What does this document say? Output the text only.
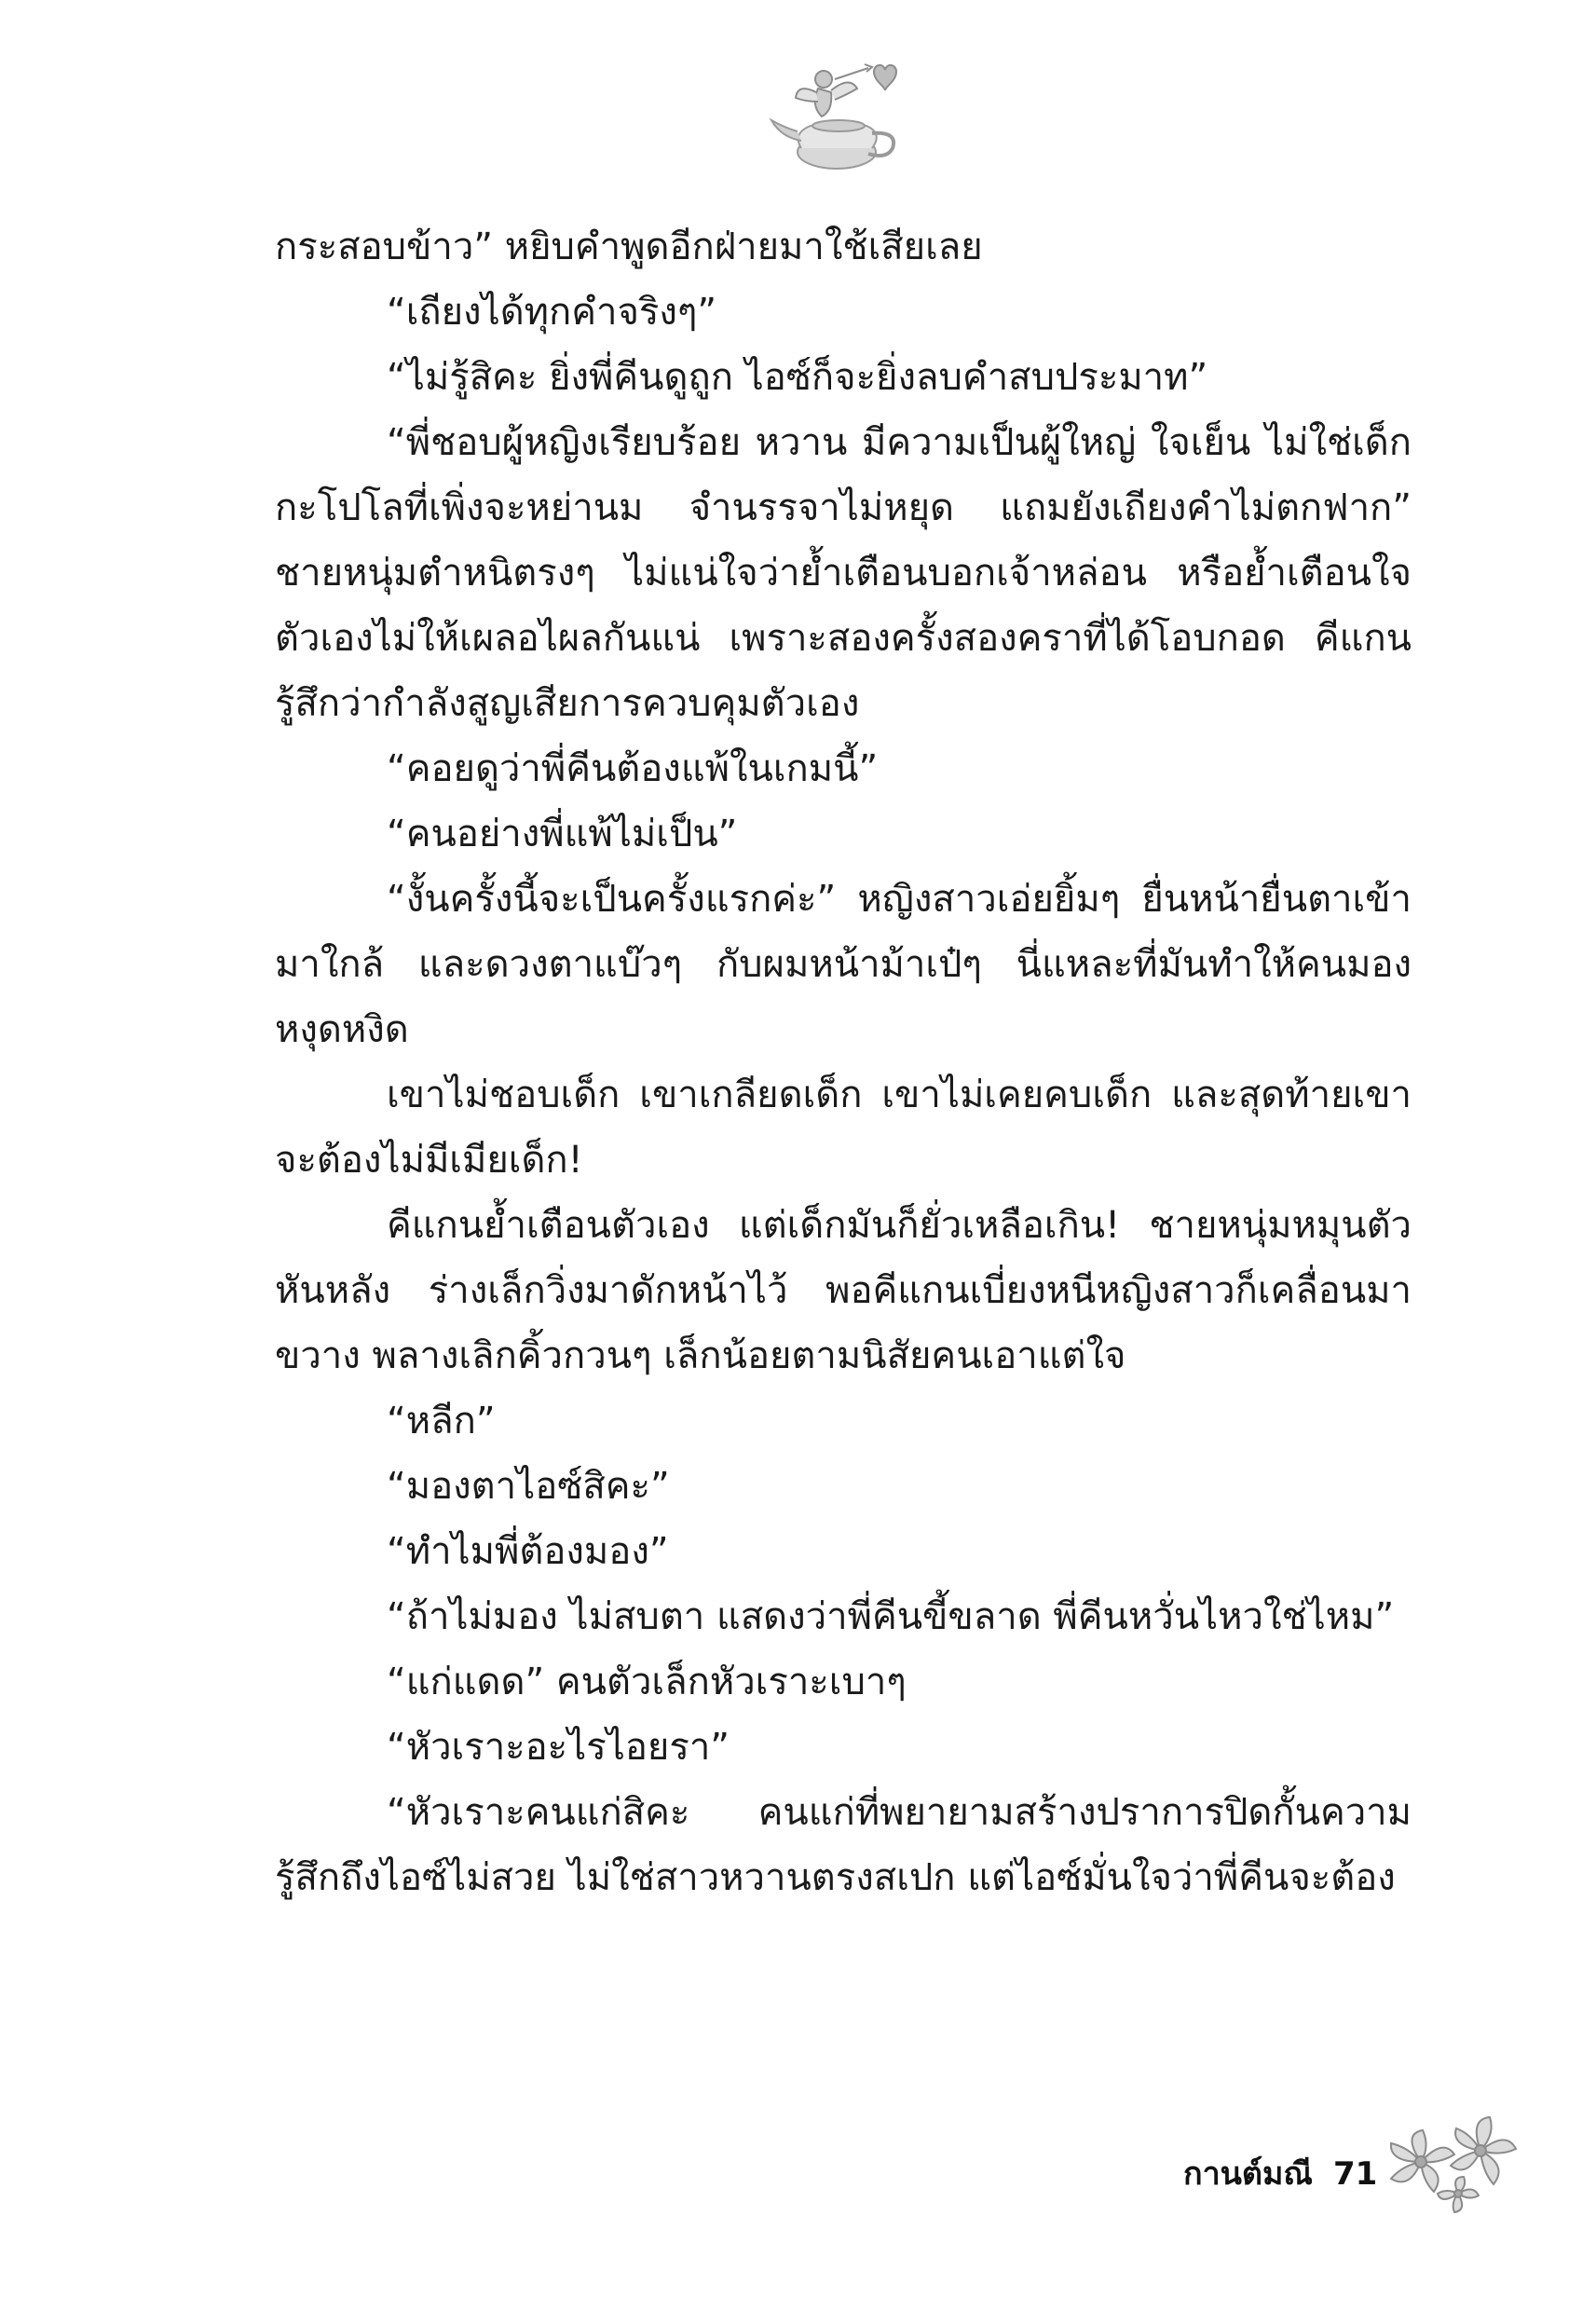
กระสอบข้าว” หยิบคำพูดอีกฝ่ายมาใช้เสียเลย

“เถียงได้ทุกคำจริงๆ”

“ไม่รู้สิคะ ยิ่งพี่คีนดูถูก ไอซ์ก็จะยิ่งลบคำสบประมาท”

“พี่ชอบผู้หญิงเรียบร้อย หวาน มีความเป็นผู้ใหญ่ ใจเย็น ไม่ใช่เด็กกะโปโลที่เพิ่งจะหย่านม จำนรรจาไม่หยุด แถมยังเถียงคำไม่ตกฟาก” ชายหนุ่มตำหนิตรงๆ ไม่แน่ใจว่าย้ำเตือนบอกเจ้าหล่อน หรือย้ำเตือนใจตัวเองไม่ให้เผลอไผลกันแน่ เพราะสองครั้งสองคราที่ได้โอบกอด คีแกนรู้สึกว่ากำลังสูญเสียการควบคุมตัวเอง

“คอยดูว่าพี่คีนต้องแพ้ในเกมนี้”

“คนอย่างพี่แพ้ไม่เป็น”

“งั้นครั้งนี้จะเป็นครั้งแรกค่ะ” หญิงสาวเอ่ยยิ้มๆ ยื่นหน้ายื่นตาเข้ามาใกล้ และดวงตาแบ๊วๆ กับผมหน้าม้าเป๋ๆ นี่แหละที่มันทำให้คนมองหงุดหงิด

เขาไม่ชอบเด็ก เขาเกลียดเด็ก เขาไม่เคยคบเด็ก และสุดท้ายเขาจะต้องไม่มีเมียเด็ก!

คีแกนย้ำเตือนตัวเอง แต่เด็กมันก็ยั่วเหลือเกิน! ชายหนุ่มหมุนตัวหันหลัง ร่างเล็กวิ่งมาดักหน้าไว้ พอคีแกนเบี่ยงหนีหญิงสาวก็เคลื่อนมาขวาง พลางเลิกคิ้วกวนๆ เล็กน้อยตามนิสัยคนเอาแต่ใจ

“หลีก”

“มองตาไอซ์สิคะ”

“ทำไมพี่ต้องมอง”

“ถ้าไม่มอง ไม่สบตา แสดงว่าพี่คีนขี้ขลาด พี่คีนหวั่นไหวใช่ไหม”

“แก่แดด” คนตัวเล็กหัวเราะเบาๆ

“หัวเราะอะไรไอยรา”

“หัวเราะคนแก่สิคะ คนแก่ที่พยายามสร้างปราการปิดกั้นความรู้สึกถึงไอซ์ไม่สวย ไม่ใช่สาวหวานตรงสเปก แต่ไอซ์มั่นใจว่าพี่คีนจะต้อง

กานต์มณี 71
